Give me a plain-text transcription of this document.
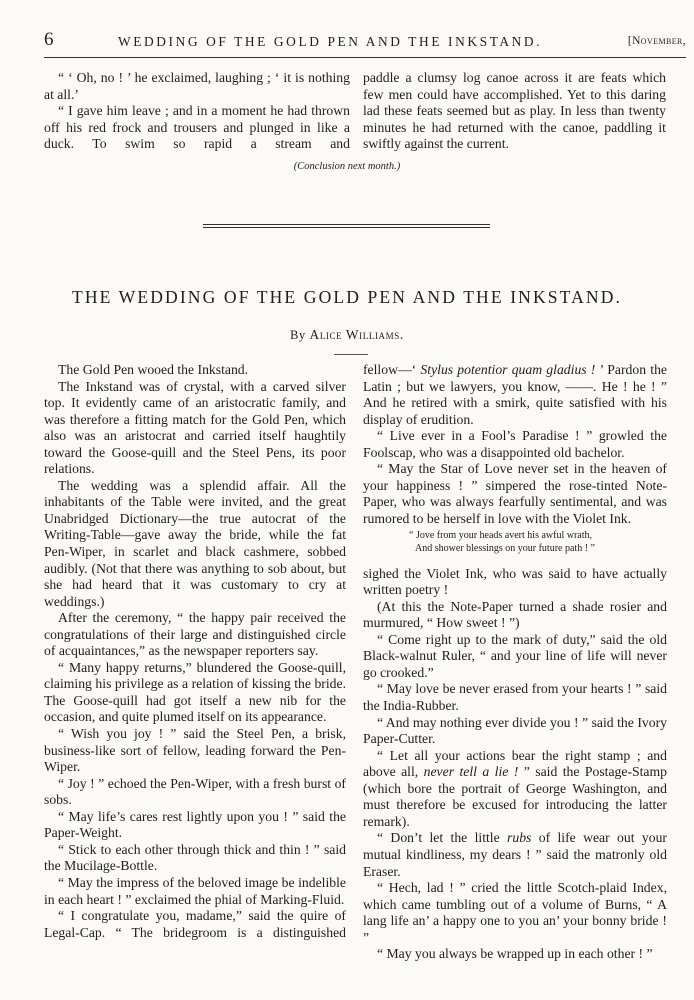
6	WEDDING OF THE GOLD PEN AND THE INKSTAND.	[November,

“ ‘ Oh, no ! ’ he exclaimed, laughing ; ‘ it is nothing at all.’

“ I gave him leave ; and in a moment he had thrown off his red frock and trousers and plunged in like a duck. To swim so rapid a stream and

paddle a clumsy log canoe across it are feats which few men could have accomplished. Yet to this daring lad these feats seemed but as play. In less than twenty minutes he had returned with the canoe, paddling it swiftly against the current.

(Conclusion next month.)
THE WEDDING OF THE GOLD PEN AND THE INKSTAND.
By Alice Williams.

The Gold Pen wooed the Inkstand.

The Inkstand was of crystal, with a carved silver top. It evidently came of an aristocratic family, and was therefore a fitting match for the Gold Pen, which also was an aristocrat and carried itself haughtily toward the Goose-quill and the Steel Pens, its poor relations.

The wedding was a splendid affair. All the inhabitants of the Table were invited, and the great Unabridged Dictionary—the true autocrat of the Writing-Table—gave away the bride, while the fat Pen-Wiper, in scarlet and black cashmere, sobbed audibly. (Not that there was anything to sob about, but she had heard that it was customary to cry at weddings.)

After the ceremony, “ the happy pair received the congratulations of their large and distinguished circle of acquaintances,” as the newspaper reporters say.

“ Many happy returns,” blundered the Goose-quill, claiming his privilege as a relation of kissing the bride. The Goose-quill had got itself a new nib for the occasion, and quite plumed itself on its appearance.

“ Wish you joy ! ” said the Steel Pen, a brisk, business-like sort of fellow, leading forward the Pen-Wiper.

“ Joy ! ” echoed the Pen-Wiper, with a fresh burst of sobs.

“ May life’s cares rest lightly upon you ! ” said the Paper-Weight.

“ Stick to each other through thick and thin ! ” said the Mucilage-Bottle.

“ May the impress of the beloved image be indelible in each heart ! ” exclaimed the phial of Marking-Fluid.

“ I congratulate you, madame,” said the quire of Legal-Cap. “ The bridegroom is a distinguished

fellow—‘ Stylus potentior quam gladius ! ’ Pardon the Latin ; but we lawyers, you know, ——. He ! he ! ” And he retired with a smirk, quite satisfied with his display of erudition.

“ Live ever in a Fool’s Paradise ! ” growled the Foolscap, who was a disappointed old bachelor.

“ May the Star of Love never set in the heaven of your happiness ! ” simpered the rose-tinted Note-Paper, who was always fearfully sentimental, and was rumored to be herself in love with the Violet Ink.

“ Jove from your heads avert his awful wrath,
And shower blessings on your future path ! ”

sighed the Violet Ink, who was said to have actually written poetry !

(At this the Note-Paper turned a shade rosier and murmured, “ How sweet ! ”)

“ Come right up to the mark of duty,” said the old Black-walnut Ruler, “ and your line of life will never go crooked.”

“ May love be never erased from your hearts ! ” said the India-Rubber.

“ And may nothing ever divide you ! ” said the Ivory Paper-Cutter.

“ Let all your actions bear the right stamp ; and above all, never tell a lie ! ” said the Postage-Stamp (which bore the portrait of George Washington, and must therefore be excused for introducing the latter remark).

“ Don’t let the little rubs of life wear out your mutual kindliness, my dears ! ” said the matronly old Eraser.

“ Hech, lad ! ” cried the little Scotch-plaid Index, which came tumbling out of a volume of Burns, “ A lang life an’ a happy one to you an’ your bonny bride ! ”

“ May you always be wrapped up in each other ! ”
